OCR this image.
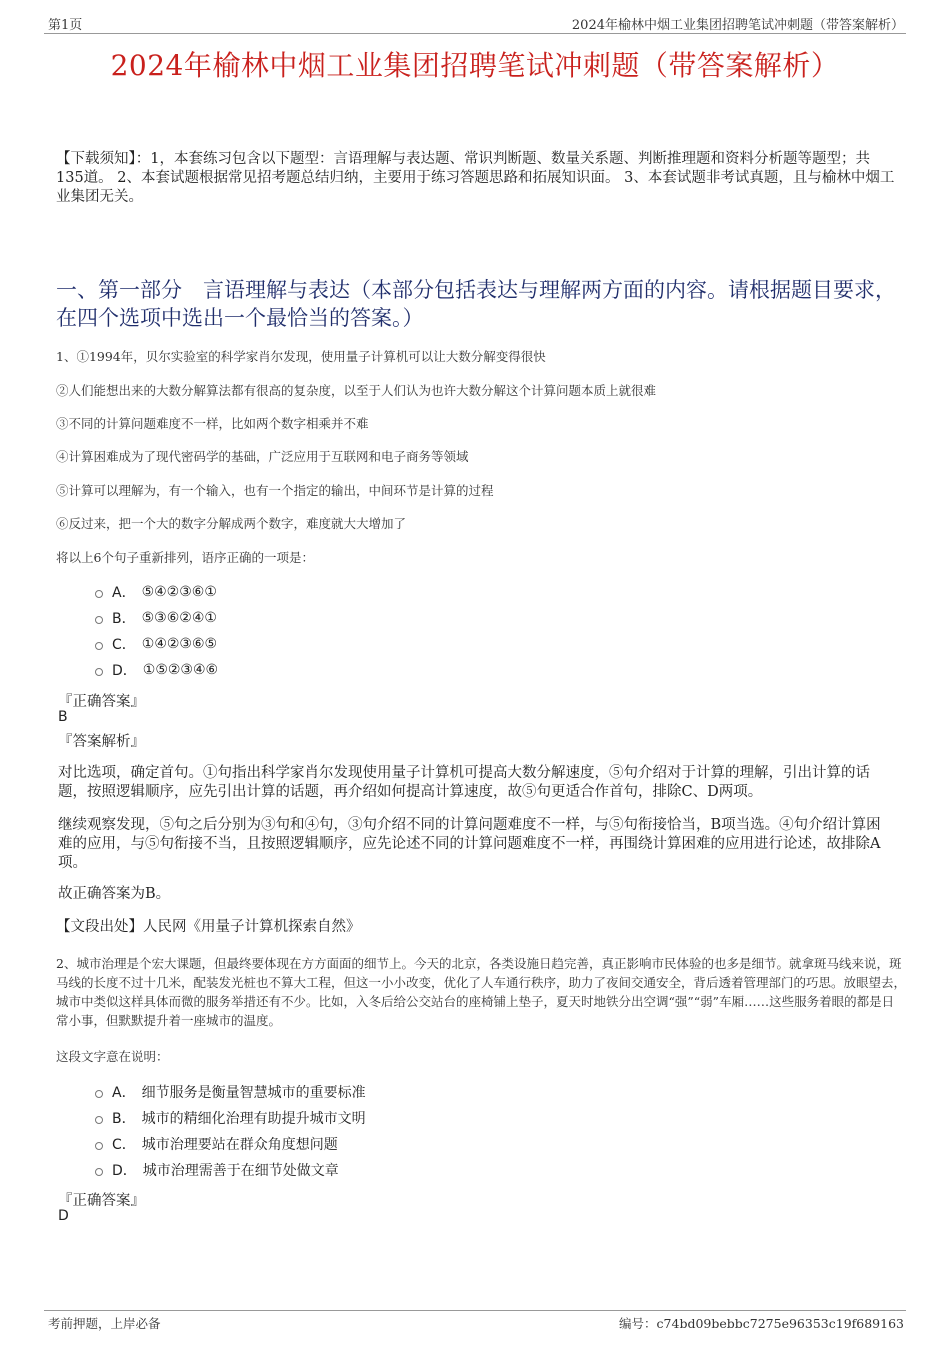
第1页	2024年榆林中烟工业集团招聘笔试冲刺题（带答案解析）
2024年榆林中烟工业集团招聘笔试冲刺题（带答案解析）
【下载须知】：1，本套练习包含以下题型：言语理解与表达题、常识判断题、数量关系题、判断推理题和资料分析题等题型；共135道。 2、本套试题根据常见招考题总结归纳，主要用于练习答题思路和拓展知识面。 3、本套试题非考试真题，且与榆林中烟工业集团无关。
一、第一部分　言语理解与表达（本部分包括表达与理解两方面的内容。请根据题目要求，在四个选项中选出一个最恰当的答案。）
1、①1994年，贝尔实验室的科学家肖尔发现，使用量子计算机可以让大数分解变得很快
②人们能想出来的大数分解算法都有很高的复杂度，以至于人们认为也许大数分解这个计算问题本质上就很难
③不同的计算问题难度不一样，比如两个数字相乘并不难
④计算困难成为了现代密码学的基础，广泛应用于互联网和电子商务等领域
⑤计算可以理解为，有一个输入，也有一个指定的输出，中间环节是计算的过程
⑥反过来，把一个大的数字分解成两个数字，难度就大大增加了
将以上6个句子重新排列，语序正确的一项是：
A． ⑤④②③⑥①
B． ⑤③⑥②④①
C． ①④②③⑥⑤
D． ①⑤②③④⑥
『正确答案』
B
『答案解析』
对比选项，确定首句。①句指出科学家肖尔发现使用量子计算机可提高大数分解速度，⑤句介绍对于计算的理解，引出计算的话题，按照逻辑顺序，应先引出计算的话题，再介绍如何提高计算速度，故⑤句更适合作首句，排除C、D两项。
继续观察发现，⑤句之后分别为③句和④句，③句介绍不同的计算问题难度不一样，与⑤句衔接恰当，B项当选。④句介绍计算困难的应用，与⑤句衔接不当，且按照逻辑顺序，应先论述不同的计算问题难度不一样，再围绕计算困难的应用进行论述，故排除A项。
故正确答案为B。
【文段出处】人民网《用量子计算机探索自然》
2、城市治理是个宏大课题，但最终要体现在方方面面的细节上。今天的北京，各类设施日趋完善，真正影响市民体验的也多是细节。就拿斑马线来说，斑马线的长度不过十几米，配装发光桩也不算大工程，但这一小小改变，优化了人车通行秩序，助力了夜间交通安全，背后透着管理部门的巧思。放眼望去，城市中类似这样具体而微的服务举措还有不少。比如，入冬后给公交站台的座椅铺上垫子，夏天时地铁分出空调“强”“弱”车厢……这些服务着眼的都是日常小事，但默默提升着一座城市的温度。
这段文字意在说明：
A． 细节服务是衡量智慧城市的重要标准
B． 城市的精细化治理有助提升城市文明
C． 城市治理要站在群众角度想问题
D． 城市治理需善于在细节处做文章
『正确答案』
D
考前押题，上岸必备	编号：c74bd09bebbc7275e96353c19f689163
